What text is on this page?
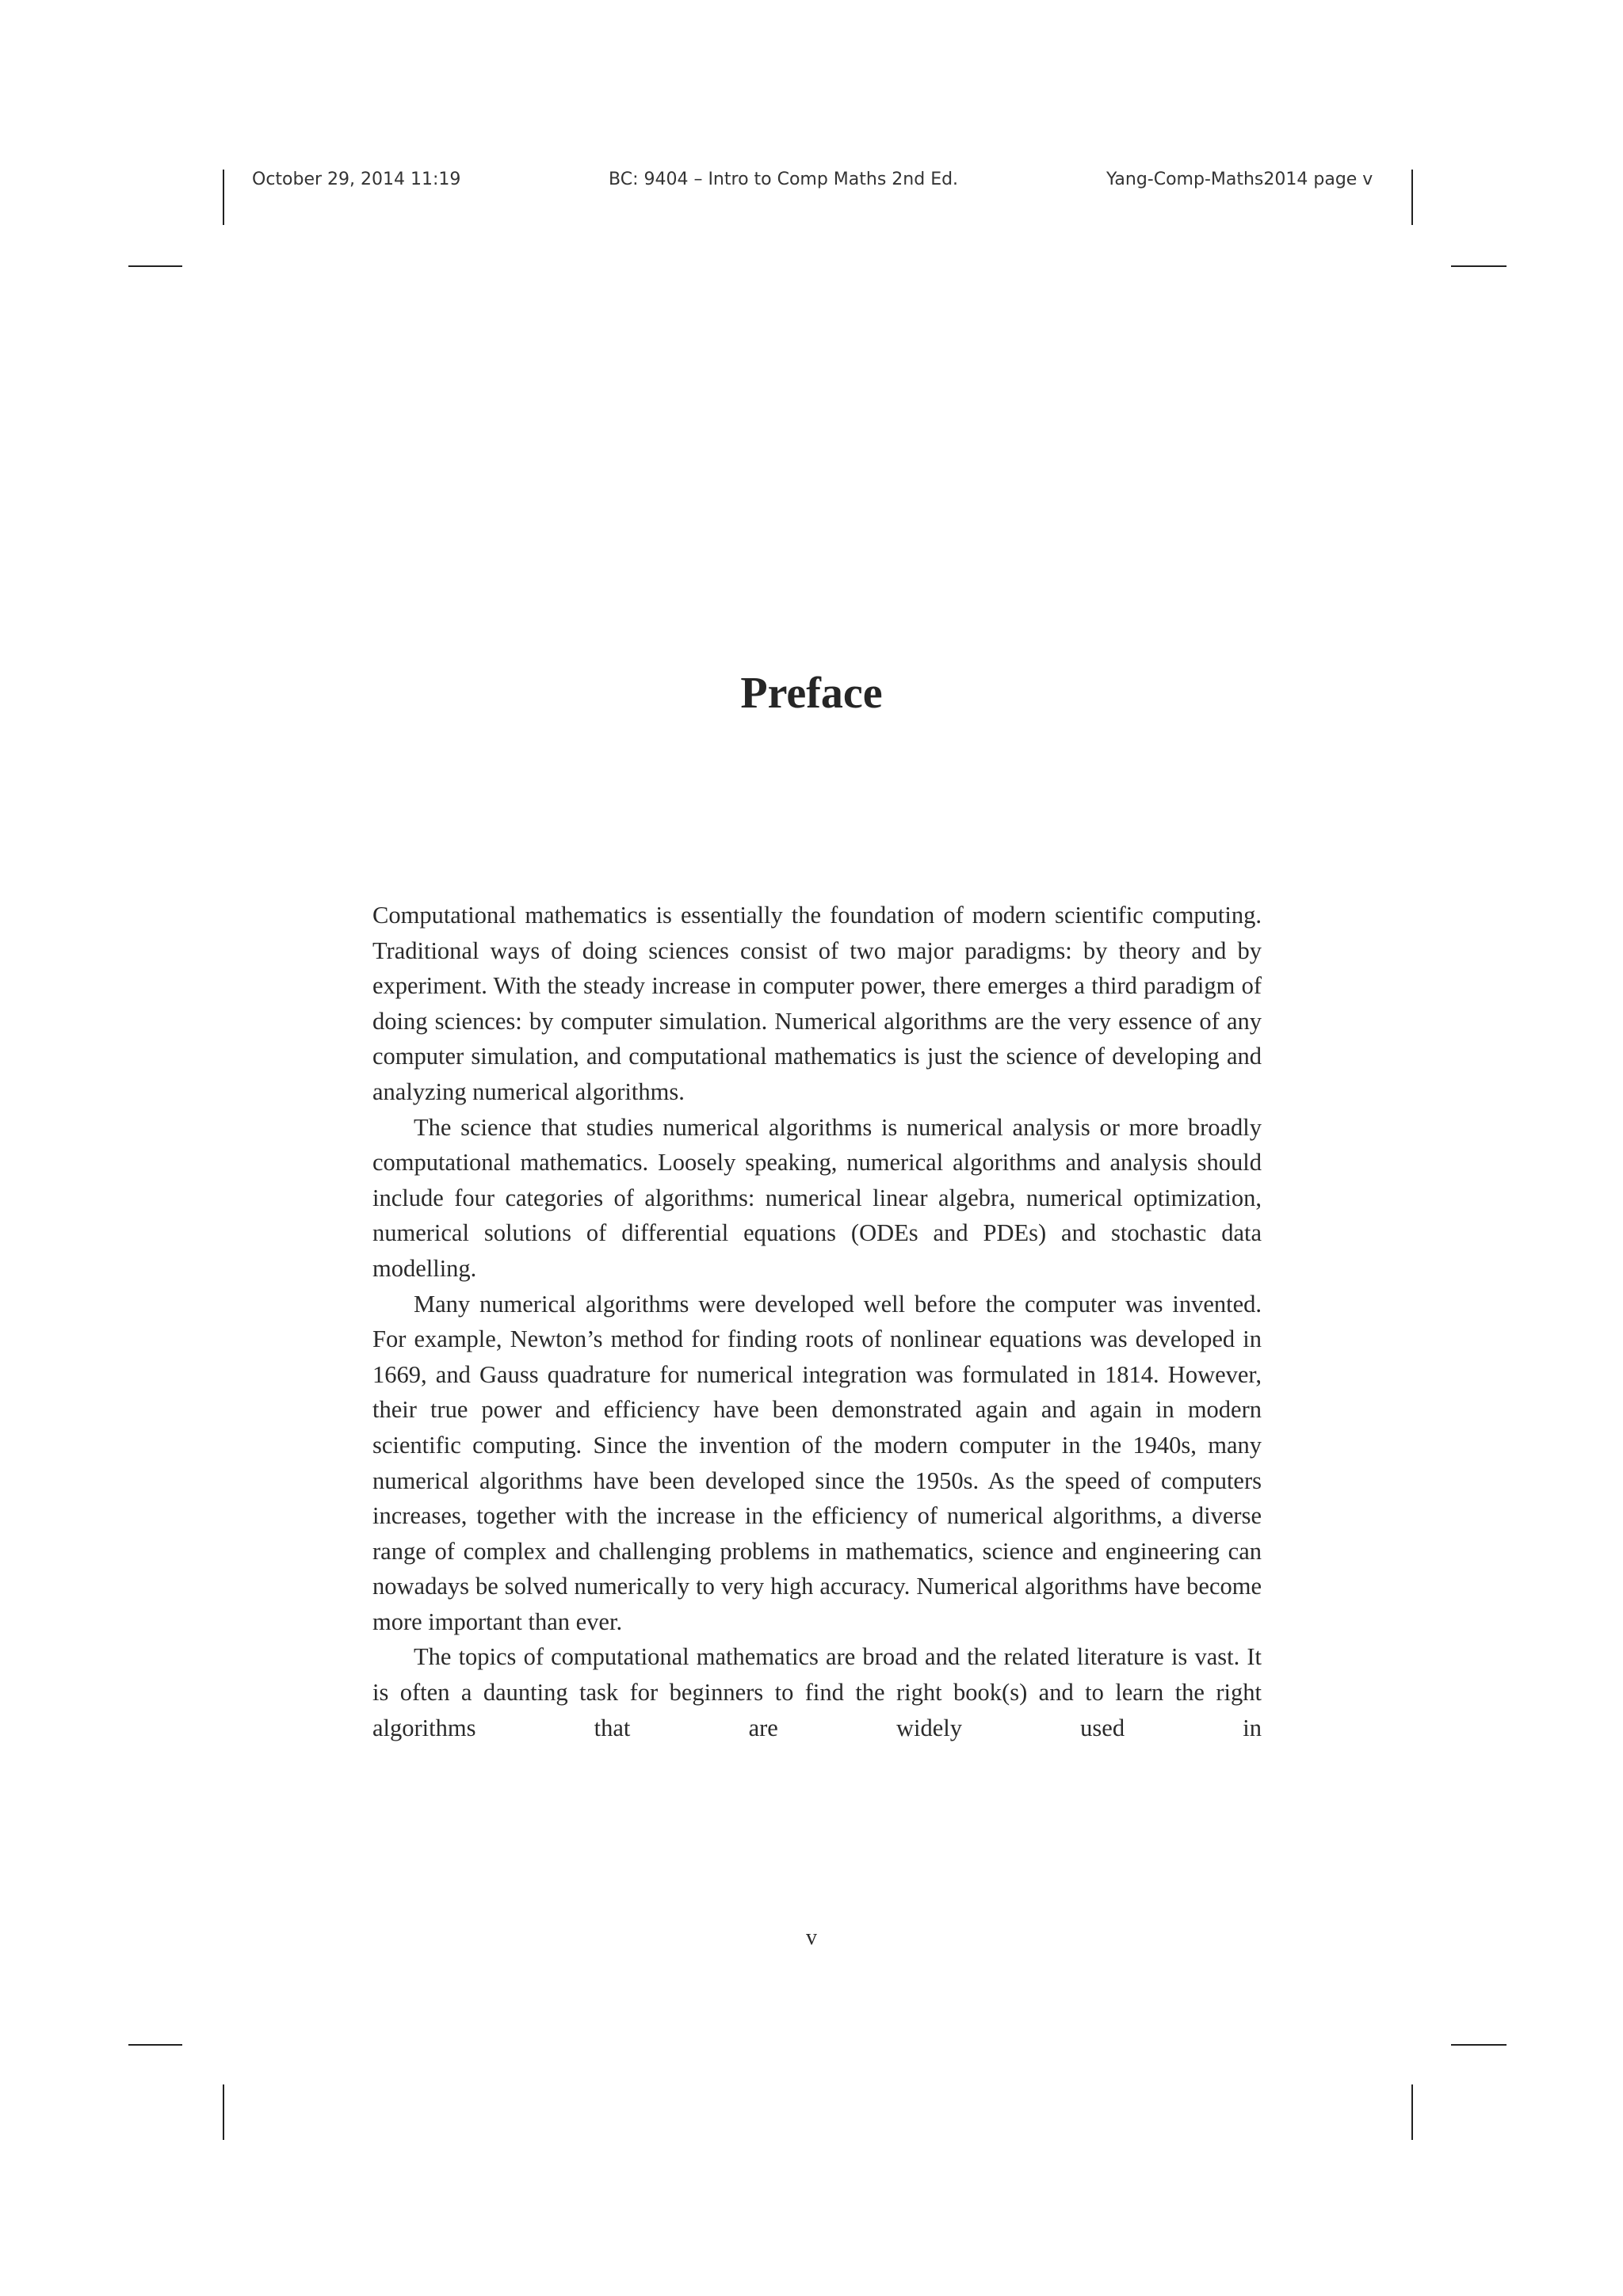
October 29, 2014 11:19	BC: 9404 – Intro to Comp Maths 2nd Ed.	Yang-Comp-Maths2014 page v
Preface

Computational mathematics is essentially the foundation of modern scientific computing. Traditional ways of doing sciences consist of two major paradigms: by theory and by experiment. With the steady increase in computer power, there emerges a third paradigm of doing sciences: by computer simulation. Numerical algorithms are the very essence of any computer simulation, and computational mathematics is just the science of developing and analyzing numerical algorithms.

The science that studies numerical algorithms is numerical analysis or more broadly computational mathematics. Loosely speaking, numerical algorithms and analysis should include four categories of algorithms: numerical linear algebra, numerical optimization, numerical solutions of differential equations (ODEs and PDEs) and stochastic data modelling.

Many numerical algorithms were developed well before the computer was invented. For example, Newton’s method for finding roots of nonlinear equations was developed in 1669, and Gauss quadrature for numerical integration was formulated in 1814. However, their true power and efficiency have been demonstrated again and again in modern scientific computing. Since the invention of the modern computer in the 1940s, many numerical algorithms have been developed since the 1950s. As the speed of computers increases, together with the increase in the efficiency of numerical algorithms, a diverse range of complex and challenging problems in mathematics, science and engineering can nowadays be solved numerically to very high accuracy. Numerical algorithms have become more important than ever.

The topics of computational mathematics are broad and the related literature is vast. It is often a daunting task for beginners to find the right book(s) and to learn the right algorithms that are widely used in

v
